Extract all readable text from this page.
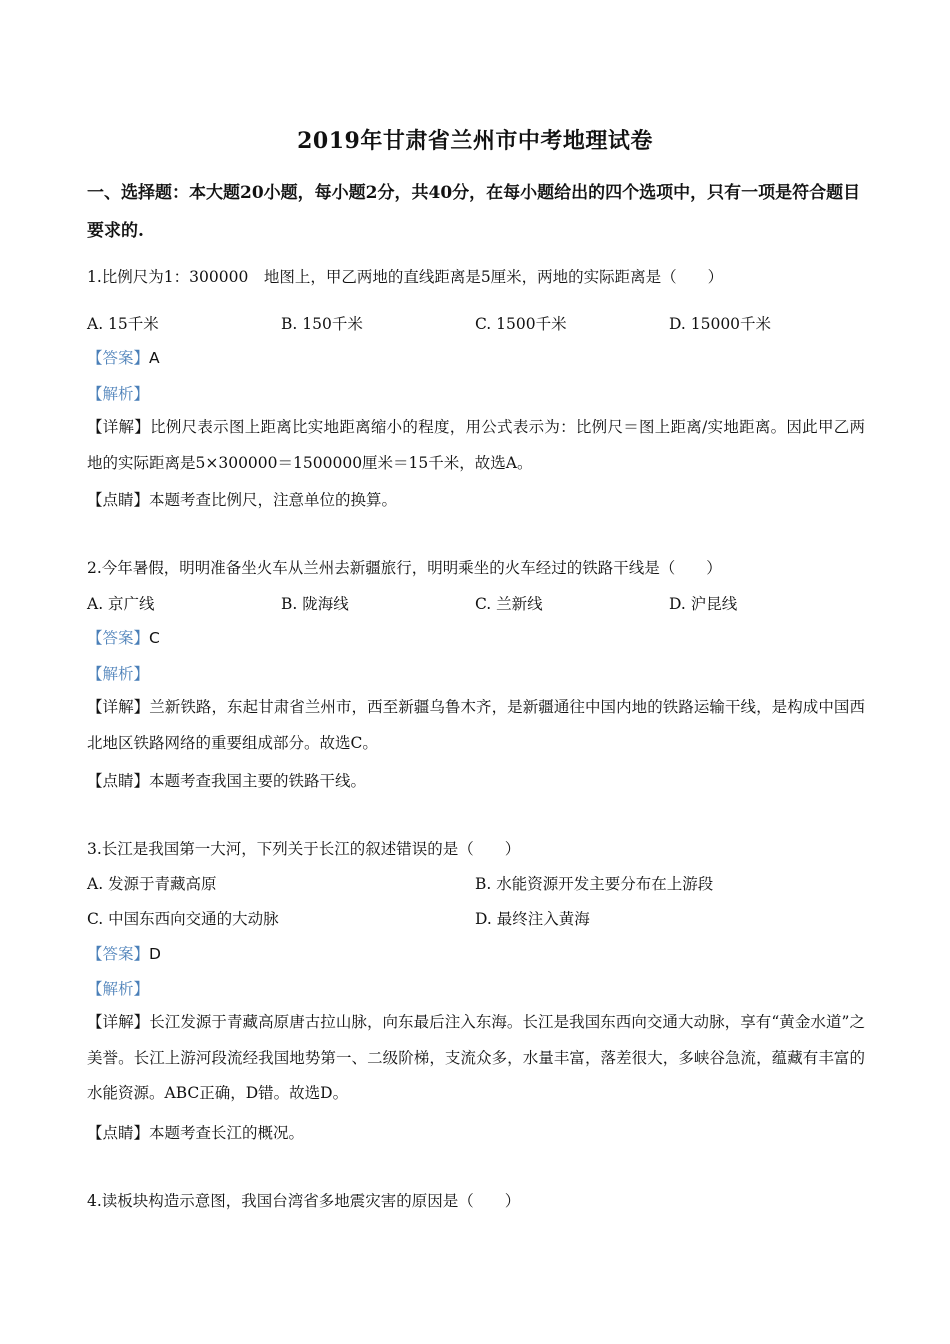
2019年甘肃省兰州市中考地理试卷
一、选择题：本大题20小题，每小题2分，共40分，在每小题给出的四个选项中，只有一项是符合题目要求的.
1.比例尺为1：300000　地图上，甲乙两地的直线距离是5厘米，两地的实际距离是（　　）
A. 15千米	B. 150千米	C. 1500千米	D. 15000千米
【答案】A
【解析】
【详解】比例尺表示图上距离比实地距离缩小的程度，用公式表示为：比例尺＝图上距离/实地距离。因此甲乙两地的实际距离是5×300000＝1500000厘米＝15千米，故选A。
【点睛】本题考查比例尺，注意单位的换算。
2.今年暑假，明明准备坐火车从兰州去新疆旅行，明明乘坐的火车经过的铁路干线是（　　）
A. 京广线	B. 陇海线	C. 兰新线	D. 沪昆线
【答案】C
【解析】
【详解】兰新铁路，东起甘肃省兰州市，西至新疆乌鲁木齐，是新疆通往中国内地的铁路运输干线，是构成中国西北地区铁路网络的重要组成部分。故选C。
【点睛】本题考查我国主要的铁路干线。
3.长江是我国第一大河，下列关于长江的叙述错误的是（　　）
A. 发源于青藏高原	B. 水能资源开发主要分布在上游段
C. 中国东西向交通的大动脉	D. 最终注入黄海
【答案】D
【解析】
【详解】长江发源于青藏高原唐古拉山脉，向东最后注入东海。长江是我国东西向交通大动脉，享有“黄金水道”之美誉。长江上游河段流经我国地势第一、二级阶梯，支流众多，水量丰富，落差很大，多峡谷急流，蕴藏有丰富的水能资源。ABC正确，D错。故选D。
【点睛】本题考查长江的概况。
4.读板块构造示意图，我国台湾省多地震灾害的原因是（　　）
